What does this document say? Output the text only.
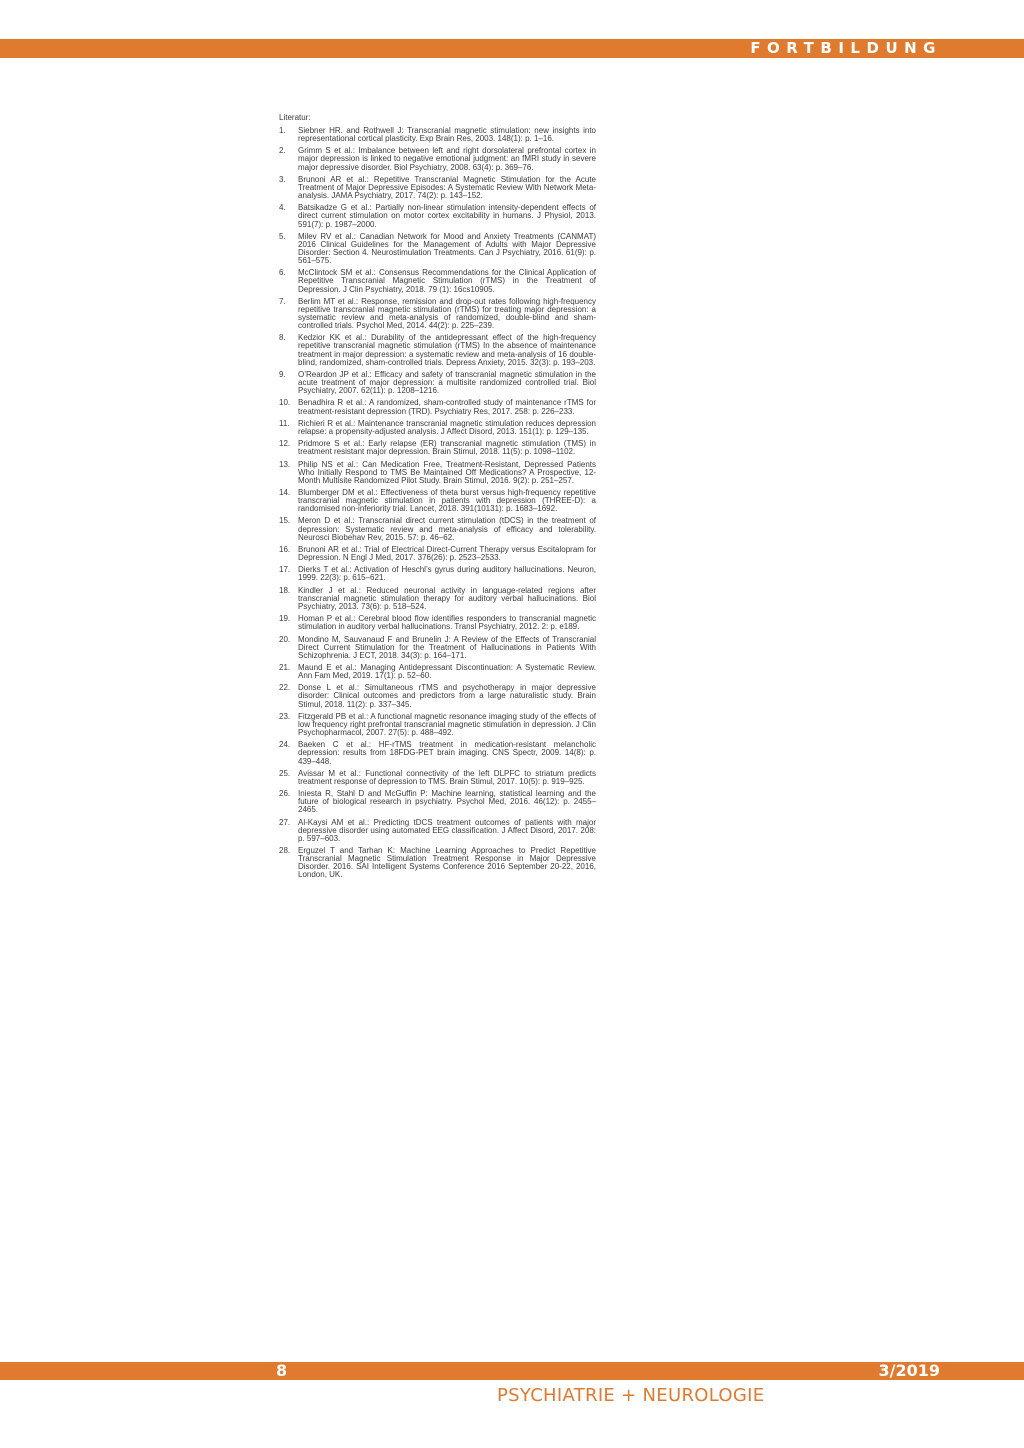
FORTBILDUNG

Literatur:

1. Siebner HR. and Rothwell J: Transcranial magnetic stimulation: new insights into representational cortical plasticity. Exp Brain Res, 2003. 148(1): p. 1–16.
2. Grimm S et al.: Imbalance between left and right dorsolateral prefrontal cortex in major depression is linked to negative emotional judgment: an fMRI study in severe major depressive disorder. Biol Psychiatry, 2008. 63(4): p. 369–76.
3. Brunoni AR et al.: Repetitive Transcranial Magnetic Stimulation for the Acute Treatment of Major Depressive Episodes: A Systematic Review With Network Meta-analysis. JAMA Psychiatry, 2017. 74(2): p. 143–152.
4. Batsikadze G et al.: Partially non-linear stimulation intensity-dependent effects of direct current stimulation on motor cortex excitability in humans. J Physiol, 2013. 591(7): p. 1987–2000.
5. Milev RV et al.: Canadian Network for Mood and Anxiety Treatments (CANMAT) 2016 Clinical Guidelines for the Management of Adults with Major Depressive Disorder: Section 4. Neurostimulation Treatments. Can J Psychiatry, 2016. 61(9): p. 561–575.
6. McClintock SM et al.: Consensus Recommendations for the Clinical Application of Repetitive Transcranial Magnetic Stimulation (rTMS) in the Treatment of Depression. J Clin Psychiatry, 2018. 79 (1): 16cs10905.
7. Berlim MT et al.: Response, remission and drop-out rates following high-frequency repetitive transcranial magnetic stimulation (rTMS) for treating major depression: a systematic review and meta-analysis of randomized, double-blind and sham-controlled trials. Psychol Med, 2014. 44(2): p. 225–239.
8. Kedzior KK et al.: Durability of the antidepressant effect of the high-frequency repetitive transcranial magnetic stimulation (rTMS) In the absence of maintenance treatment in major depression: a systematic review and meta-analysis of 16 double-blind, randomized, sham-controlled trials. Depress Anxiety, 2015. 32(3): p. 193–203.
9. O’Reardon JP et al.: Efficacy and safety of transcranial magnetic stimulation in the acute treatment of major depression: a multisite randomized controlled trial. Biol Psychiatry, 2007. 62(11): p. 1208–1216.
10. Benadhira R et al.: A randomized, sham-controlled study of maintenance rTMS for treatment-resistant depression (TRD). Psychiatry Res, 2017. 258: p. 226–233.
11. Richieri R et al.: Maintenance transcranial magnetic stimulation reduces depression relapse: a propensity-adjusted analysis. J Affect Disord, 2013. 151(1): p. 129–135.
12. Pridmore S et al.: Early relapse (ER) transcranial magnetic stimulation (TMS) in treatment resistant major depression. Brain Stimul, 2018. 11(5): p. 1098–1102.
13. Philip NS et al.: Can Medication Free, Treatment-Resistant, Depressed Patients Who Initially Respond to TMS Be Maintained Off Medications? A Prospective, 12-Month Multisite Randomized Pilot Study. Brain Stimul, 2016. 9(2): p. 251–257.
14. Blumberger DM et al.: Effectiveness of theta burst versus high-frequency repetitive transcranial magnetic stimulation in patients with depression (THREE-D): a randomised non-inferiority trial. Lancet, 2018. 391(10131): p. 1683–1692.
15. Meron D et al.: Transcranial direct current stimulation (tDCS) in the treatment of depression: Systematic review and meta-analysis of efficacy and tolerability. Neurosci Biobehav Rev, 2015. 57: p. 46–62.
16. Brunoni AR et al.: Trial of Electrical Direct-Current Therapy versus Escitalopram for Depression. N Engl J Med, 2017. 376(26): p. 2523–2533.
17. Dierks T et al.: Activation of Heschl’s gyrus during auditory hallucinations. Neuron, 1999. 22(3): p. 615–621.
18. Kindler J et al.: Reduced neuronal activity in language-related regions after transcranial magnetic stimulation therapy for auditory verbal hallucinations. Biol Psychiatry, 2013. 73(6): p. 518–524.
19. Homan P et al.: Cerebral blood flow identifies responders to transcranial magnetic stimulation in auditory verbal hallucinations. Transl Psychiatry, 2012. 2: p. e189.
20. Mondino M, Sauvanaud F and Brunelin J: A Review of the Effects of Transcranial Direct Current Stimulation for the Treatment of Hallucinations in Patients With Schizophrenia. J ECT, 2018. 34(3): p. 164–171.
21. Maund E et al.: Managing Antidepressant Discontinuation: A Systematic Review. Ann Fam Med, 2019. 17(1): p. 52–60.
22. Donse L et al.: Simultaneous rTMS and psychotherapy in major depressive disorder: Clinical outcomes and predictors from a large naturalistic study. Brain Stimul, 2018. 11(2): p. 337–345.
23. Fitzgerald PB et al.: A functional magnetic resonance imaging study of the effects of low frequency right prefrontal transcranial magnetic stimulation in depression. J Clin Psychopharmacol, 2007. 27(5): p. 488–492.
24. Baeken C et al.: HF-rTMS treatment in medication-resistant melancholic depression: results from 18FDG-PET brain imaging. CNS Spectr, 2009. 14(8): p. 439–448.
25. Avissar M et al.: Functional connectivity of the left DLPFC to striatum predicts treatment response of depression to TMS. Brain Stimul, 2017. 10(5): p. 919–925.
26. Iniesta R, Stahl D and McGuffin P: Machine learning, statistical learning and the future of biological research in psychiatry. Psychol Med, 2016. 46(12): p. 2455–2465.
27. Al-Kaysi AM et al.: Predicting tDCS treatment outcomes of patients with major depressive disorder using automated EEG classification. J Affect Disord, 2017. 208: p. 597–603.
28. Erguzel T and Tarhan K: Machine Learning Approaches to Predict Repetitive Transcranial Magnetic Stimulation Treatment Response in Major Depressive Disorder. 2016. SAI Intelligent Systems Conference 2016 September 20-22, 2016, London, UK.
8	3/2019
PSYCHIATRIE + NEUROLOGIE
